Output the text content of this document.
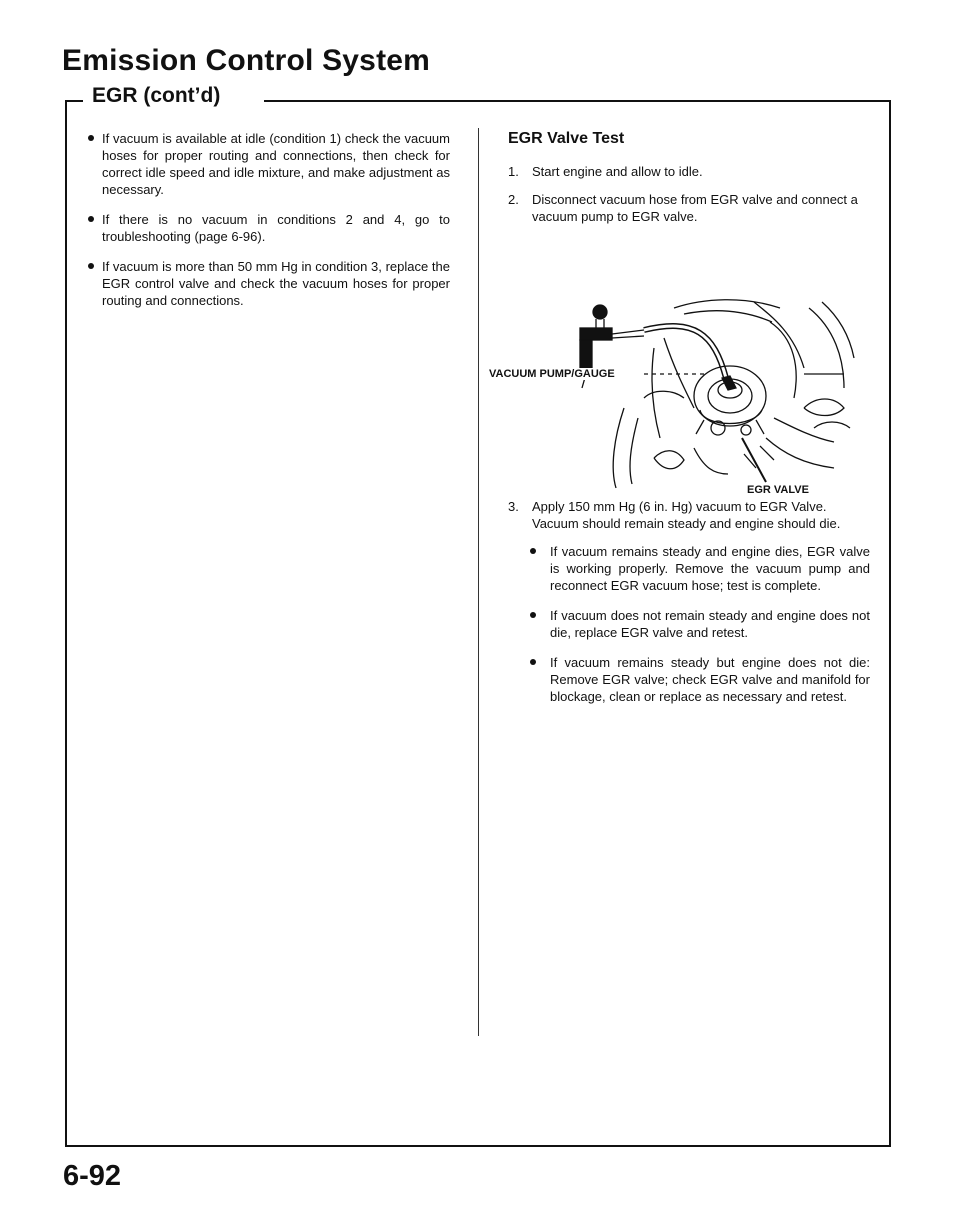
Emission Control System
EGR (cont’d)
If vacuum is available at idle (condition 1) check the vacuum hoses for proper routing and connections, then check for correct idle speed and idle mixture, and make adjustment as necessary.
If there is no vacuum in conditions 2 and 4, go to troubleshooting (page 6-96).
If vacuum is more than 50 mm Hg in condition 3, replace the EGR control valve and check the vacuum hoses for proper routing and connections.
EGR Valve Test
1. Start engine and allow to idle.
2. Disconnect vacuum hose from EGR valve and connect a vacuum pump to EGR valve.
3. Apply 150 mm Hg (6 in. Hg) vacuum to EGR Valve. Vacuum should remain steady and engine should die.
If vacuum remains steady and engine dies, EGR valve is working properly. Remove the vacuum pump and reconnect EGR vacuum hose; test is complete.
If vacuum does not remain steady and engine does not die, replace EGR valve and retest.
If vacuum remains steady but engine does not die: Remove EGR valve; check EGR valve and manifold for blockage, clean or replace as necessary and retest.
VACUUM PUMP/GAUGE
EGR VALVE
6-92
